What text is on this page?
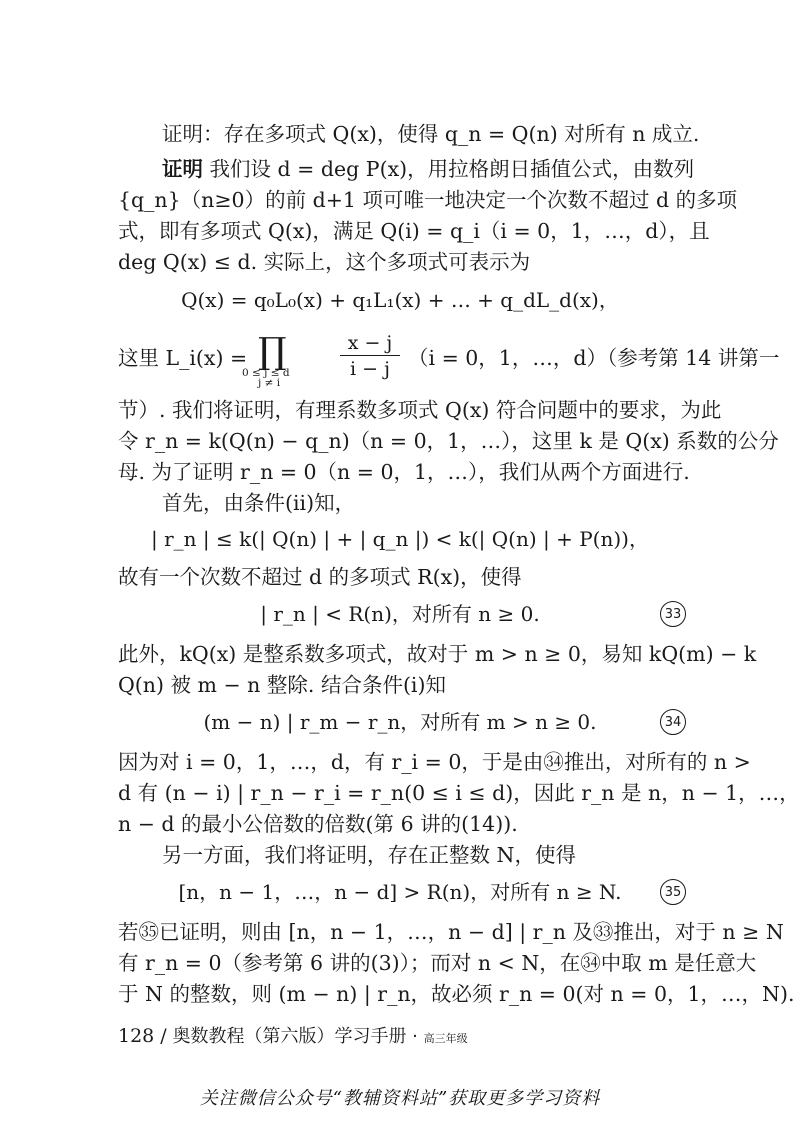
证明：存在多项式 Q(x)，使得 q_n = Q(n) 对所有 n 成立.
证明 我们设 d = deg P(x)，用拉格朗日插值公式，由数列
{q_n}（n≥0）的前 d+1 项可唯一地决定一个次数不超过 d 的多项
式，即有多项式 Q(x)，满足 Q(i) = q_i（i = 0，1，…，d），且
deg Q(x) ≤ d. 实际上，这个多项式可表示为
Q(x) = q₀L₀(x) + q₁L₁(x) + … + q_dL_d(x)，
这里 L_i(x) = ∏
0 ≤ j ≤ d
j ≠ i
$\frac{x - j}{i - j} (i = 0$，1，…，d）（参考第 14 讲第一
节）. 我们将证明，有理系数多项式 Q(x) 符合问题中的要求，为此
令 r_n = k(Q(n) − q_n)（n = 0，1，…），这里 k 是 Q(x) 系数的公分
母. 为了证明 r_n = 0（n = 0，1，…），我们从两个方面进行.
首先，由条件(ii)知，
| r_n | ≤ k(| Q(n) | + | q_n |) < k(| Q(n) | + P(n))，
故有一个次数不超过 d 的多项式 R(x)，使得
| r_n | < R(n)，对所有 n ≥ 0.	33
此外，kQ(x) 是整系数多项式，故对于 m > n ≥ 0，易知 kQ(m) − k
Q(n) 被 m − n 整除. 结合条件(i)知
(m − n) | r_m − r_n，对所有 m > n ≥ 0.	34
因为对 i = 0，1，…，d，有 r_i = 0，于是由㉞推出，对所有的 n >
d 有 (n − i) | r_n − r_i = r_n(0 ≤ i ≤ d)，因此 r_n 是 n，n − 1，…，
n − d 的最小公倍数的倍数(第 6 讲的(14)).
另一方面，我们将证明，存在正整数 N，使得
[n，n − 1，…，n − d] > R(n)，对所有 n ≥ N.	35
若㉟已证明，则由 [n，n − 1，…，n − d] | r_n 及㉝推出，对于 n ≥ N
有 r_n = 0（参考第 6 讲的(3)）；而对 n < N，在㉞中取 m 是任意大
于 N 的整数，则 (m − n) | r_n，故必须 r_n = 0(对 n = 0，1，…，N).
128 / 奥数教程（第六版）学习手册 · 高三年级
关注微信公众号“教辅资料站”获取更多学习资料
